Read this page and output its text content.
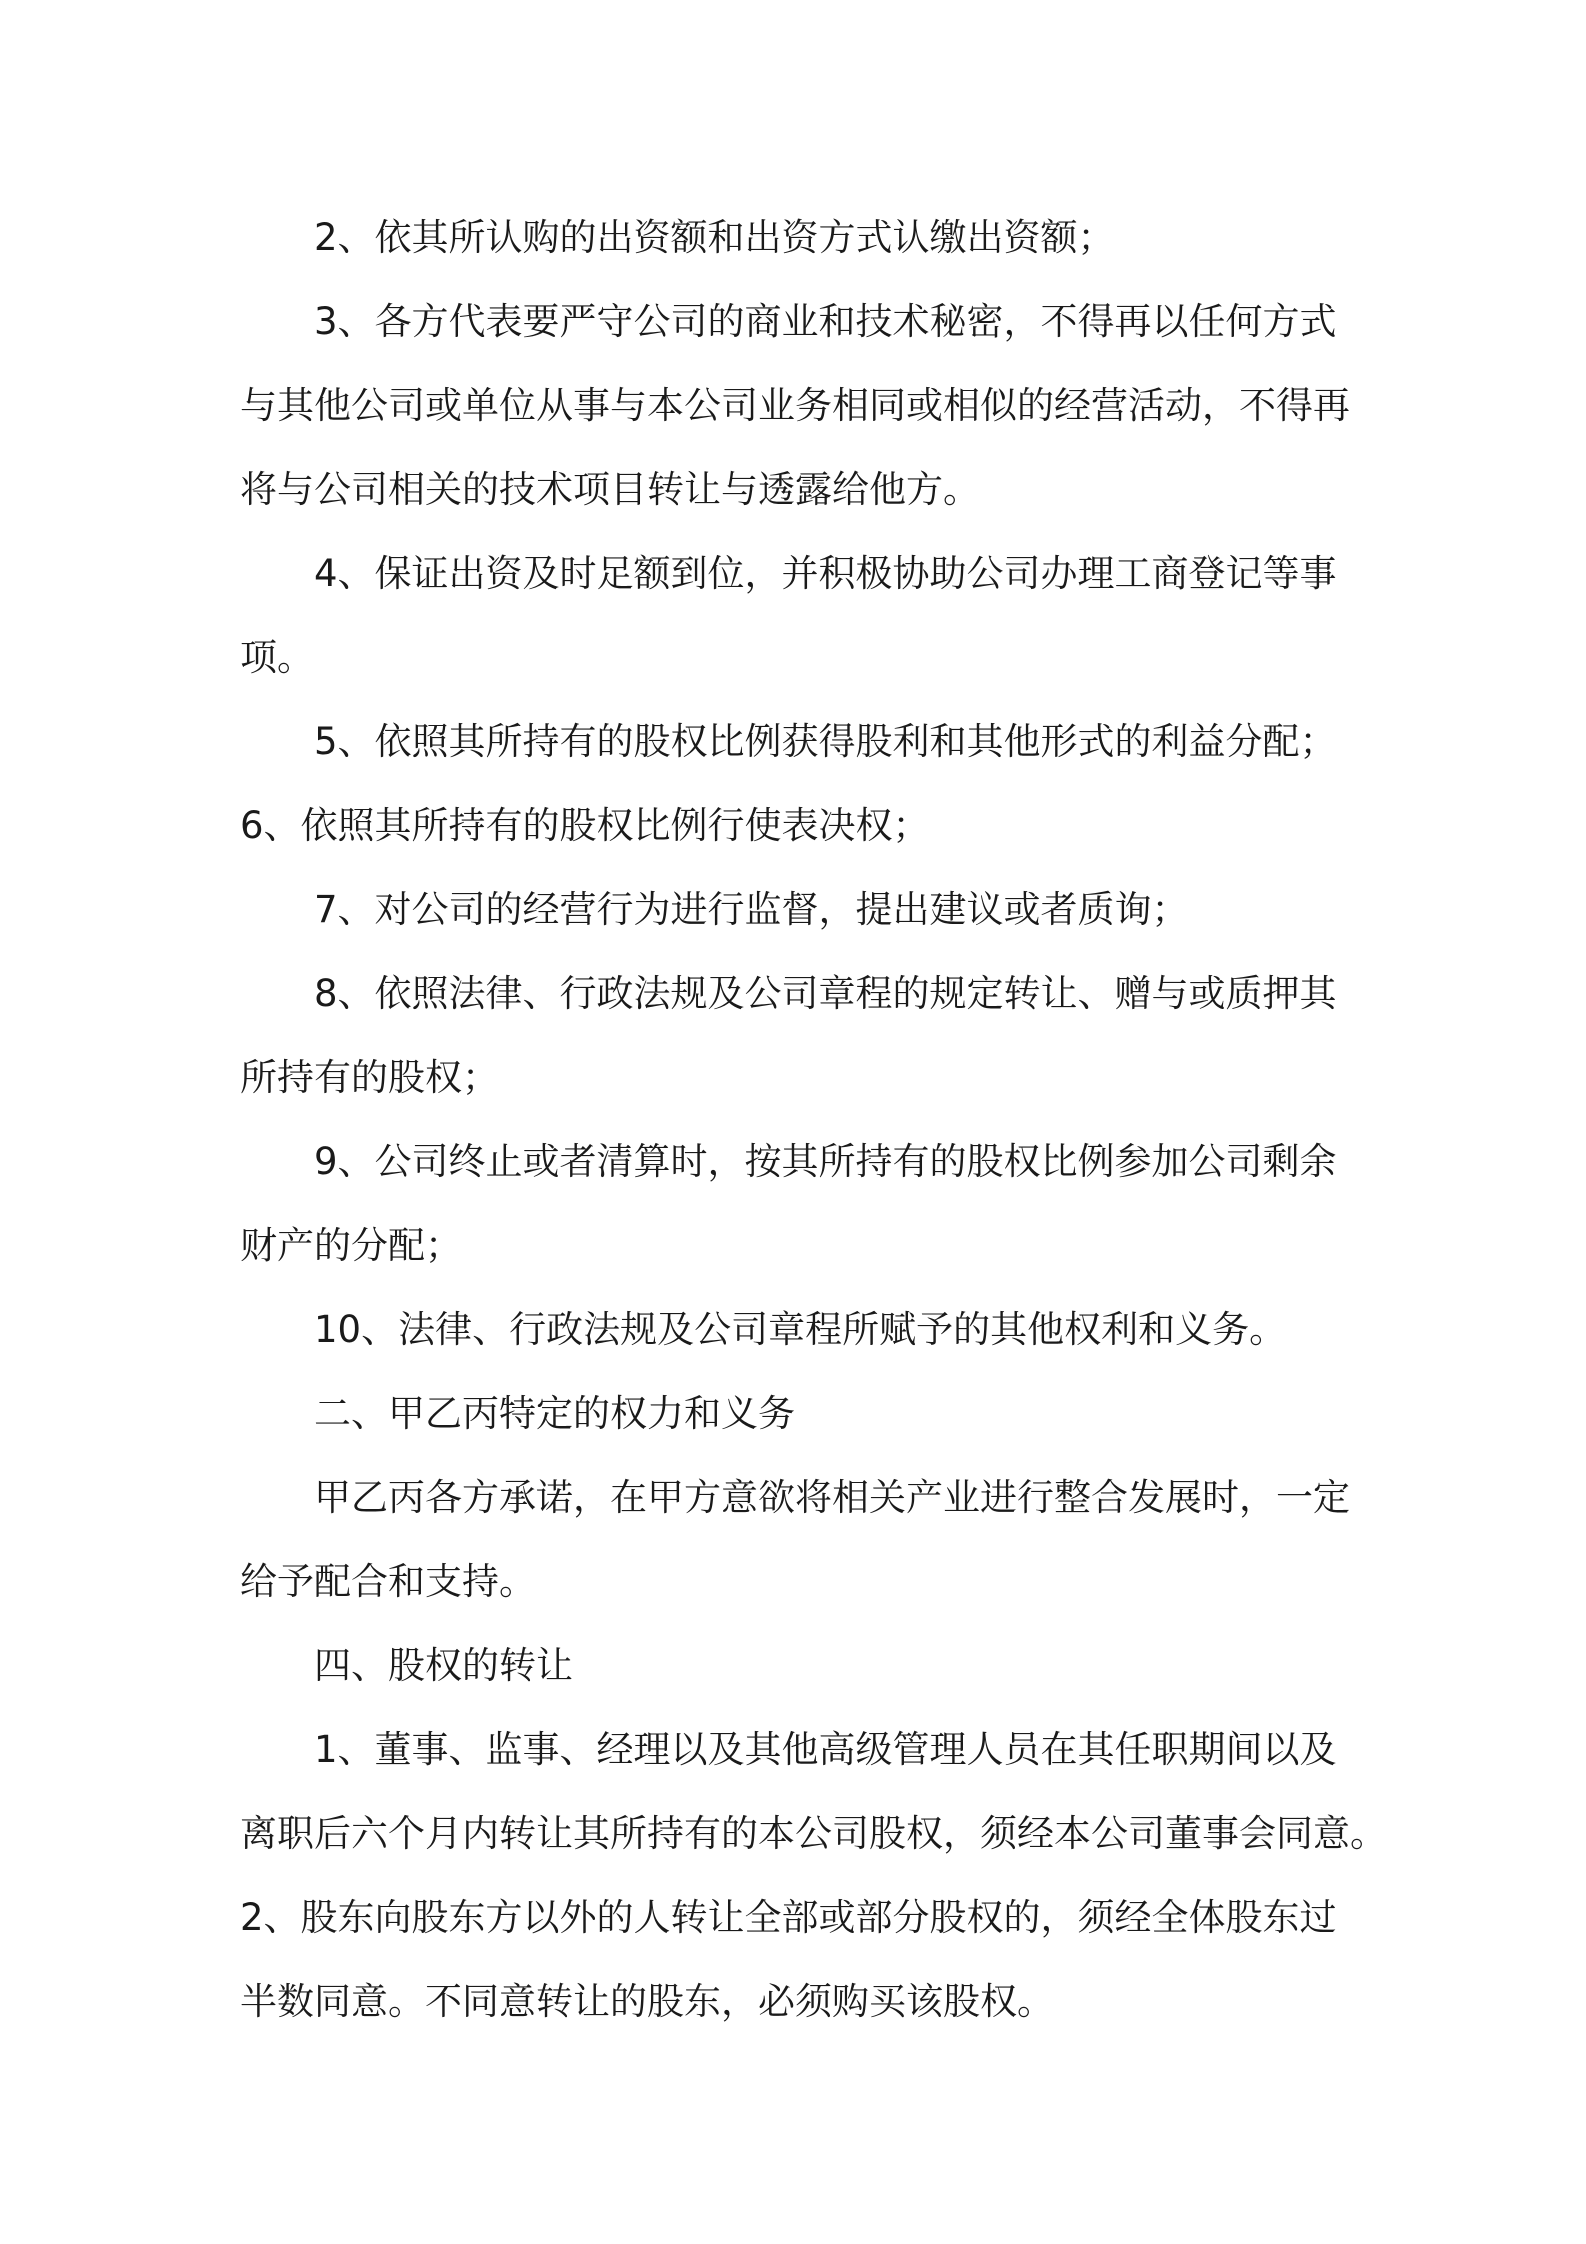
2、依其所认购的出资额和出资方式认缴出资额；
3、各方代表要严守公司的商业和技术秘密，不得再以任何方式
与其他公司或单位从事与本公司业务相同或相似的经营活动，不得再
将与公司相关的技术项目转让与透露给他方。
4、保证出资及时足额到位，并积极协助公司办理工商登记等事
项。
5、依照其所持有的股权比例获得股利和其他形式的利益分配；
6、依照其所持有的股权比例行使表决权；
7、对公司的经营行为进行监督，提出建议或者质询；
8、依照法律、行政法规及公司章程的规定转让、赠与或质押其
所持有的股权；
9、公司终止或者清算时，按其所持有的股权比例参加公司剩余
财产的分配；
10、法律、行政法规及公司章程所赋予的其他权利和义务。
二、甲乙丙特定的权力和义务
甲乙丙各方承诺，在甲方意欲将相关产业进行整合发展时，一定
给予配合和支持。
四、股权的转让
1、董事、监事、经理以及其他高级管理人员在其任职期间以及
离职后六个月内转让其所持有的本公司股权，须经本公司董事会同意。
2、股东向股东方以外的人转让全部或部分股权的，须经全体股东过
半数同意。不同意转让的股东，必须购买该股权。
